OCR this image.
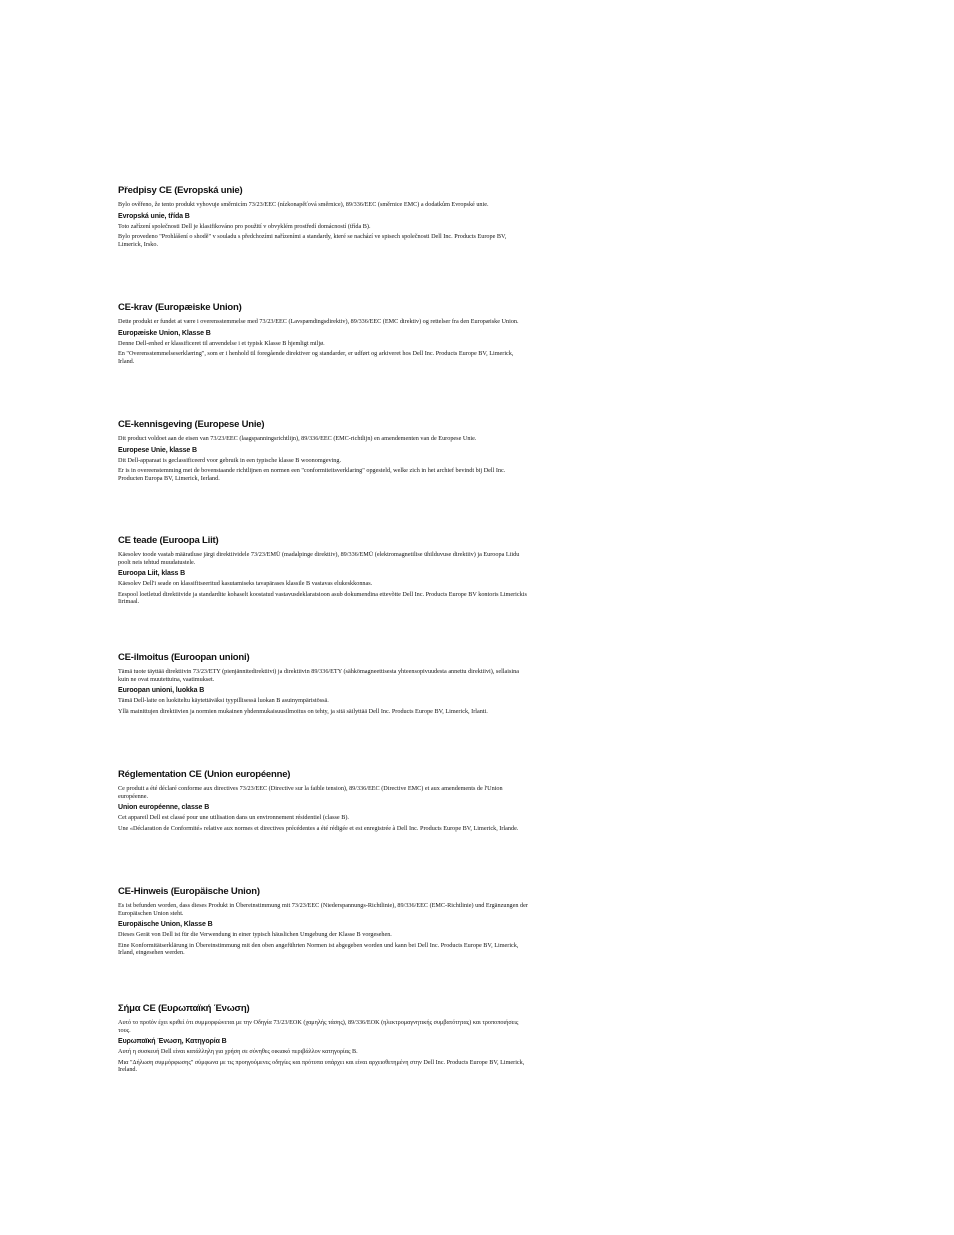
Předpisy CE (Evropská unie)
Bylo ověřeno, že tento produkt vyhovuje směrnicím 73/23/EEC (nízkonapěťová směrnice), 89/336/EEC (směrnice EMC) a dodatkům Evropské unie.
Evropská unie, třída B
Toto zařízení společnosti Dell je klasifikováno pro použití v obvyklém prostředí domácností (třída B).
Bylo provedeno "Prohlášení o shodě" v souladu s předchozími nařízeními a standardy, které se nachází ve spisech společnosti Dell Inc. Products Europe BV, Limerick, Irsko.
CE-krav (Europæiske Union)
Dette produkt er fundet at være i overensstemmelse med 73/23/EEC (Lavspændingsdirektiv), 89/336/EEC (EMC direktiv) og rettelser fra den Europæiske Union.
Europæiske Union, Klasse B
Denne Dell-enhed er klassificeret til anvendelse i et typisk Klasse B hjemligt miljø.
En "Overensstemmelseserklæring", som er i henhold til foregående direktiver og standarder, er udført og arkiveret hos Dell Inc. Products Europe BV, Limerick, Irland.
CE-kennisgeving (Europese Unie)
Dit product voldoet aan de eisen van 73/23/EEC (laagspanningsrichtlijn), 89/336/EEC (EMC-richtlijn) en amendementen van de Europese Unie.
Europese Unie, klasse B
Dit Dell-apparaat is geclassificeerd voor gebruik in een typische klasse B woonomgeving.
Er is in overeenstemming met de bovenstaande richtlijnen en normen een "conformiteitsverklaring" opgesteld, welke zich in het archief bevindt bij Dell Inc. Producten Europa BV, Limerick, Ierland.
CE teade (Euroopa Liit)
Käesolev toode vastab määratluse järgi direktiividele 73/23/EMÜ (madalpinge direktiiv), 89/336/EMÜ (elektromagnetilise ühilduvuse direktiiv) ja Euroopa Liidu poolt neis tehtud muudatustele.
Euroopa Liit, klass B
Käesolev Dell'i seade on klassifitseeritud kasutamiseks tavapärases klassile B vastavas elukeskkonnas.
Eespool loetletud direktiivide ja standardite kohaselt koostatud vastavusdeklaratsioon asub dokumendina ettevõtte Dell Inc. Products Europe BV kontoris Limerickis Iirimaal.
CE-ilmoitus (Euroopan unioni)
Tämä tuote täyttää direktiivin 73/23/ETY (pienjännitedirektiivi) ja direktiivin 89/336/ETY (sähkömagneettisesta yhteensopivuudesta annettu direktiivi), sellaisina kuin ne ovat muutettuina, vaatimukset.
Euroopan unioni, luokka B
Tämä Dell-laite on luokiteltu käytettäväksi tyypillisessä luokan B asuinympäristössä.
Yllä mainittujen direktiivien ja normien mukainen yhdenmukaisuusilmoitus on tehty, ja sitä säilyttää Dell Inc. Products Europe BV, Limerick, Irlanti.
Réglementation CE (Union européenne)
Ce produit a été déclaré conforme aux directives 73/23/EEC (Directive sur la faible tension), 89/336/EEC (Directive EMC) et aux amendements de l'Union européenne.
Union européenne, classe B
Cet appareil Dell est classé pour une utilisation dans un environnement résidentiel (classe B).
Une «Déclaration de Conformité» relative aux normes et directives précédentes a été rédigée et est enregistrée à Dell Inc. Products Europe BV, Limerick, Irlande.
CE-Hinweis (Europäische Union)
Es ist befunden worden, dass dieses Produkt in Übereinstimmung mit 73/23/EEC (Niederspannungs-Richtlinie), 89/336/EEC (EMC-Richtlinie) und Ergänzungen der Europäischen Union steht.
Europäische Union, Klasse B
Dieses Gerät von Dell ist für die Verwendung in einer typisch häuslichen Umgebung der Klasse B vorgesehen.
Eine Konformitätserklärung in Übereinstimmung mit den oben angeführten Normen ist abgegeben worden und kann bei Dell Inc. Products Europe BV, Limerick, Irland, eingesehen werden.
Σήμα CE (Ευρωπαϊκή Ένωση)
Αυτό το προϊόν έχει κριθεί ότι συμμορφώνεται με την Οδηγία 73/23/EOK (χαμηλής τάσης), 89/336/EOK (ηλεκτρομαγνητικής συμβατότητας) και τροποποιήσεις τους.
Ευρωπαϊκή Ένωση, Κατηγορία B
Αυτή η συσκευή Dell είναι κατάλληλη για χρήση σε σύνηθες οικιακό περιβάλλον κατηγορίας B.
Μια "Δήλωση συμμόρφωσης" σύμφωνα με τις προηγούμενες οδηγίες και πρότυπα υπάρχει και είναι αρχειοθετημένη στην Dell Inc. Products Europe BV, Limerick, Ireland.
